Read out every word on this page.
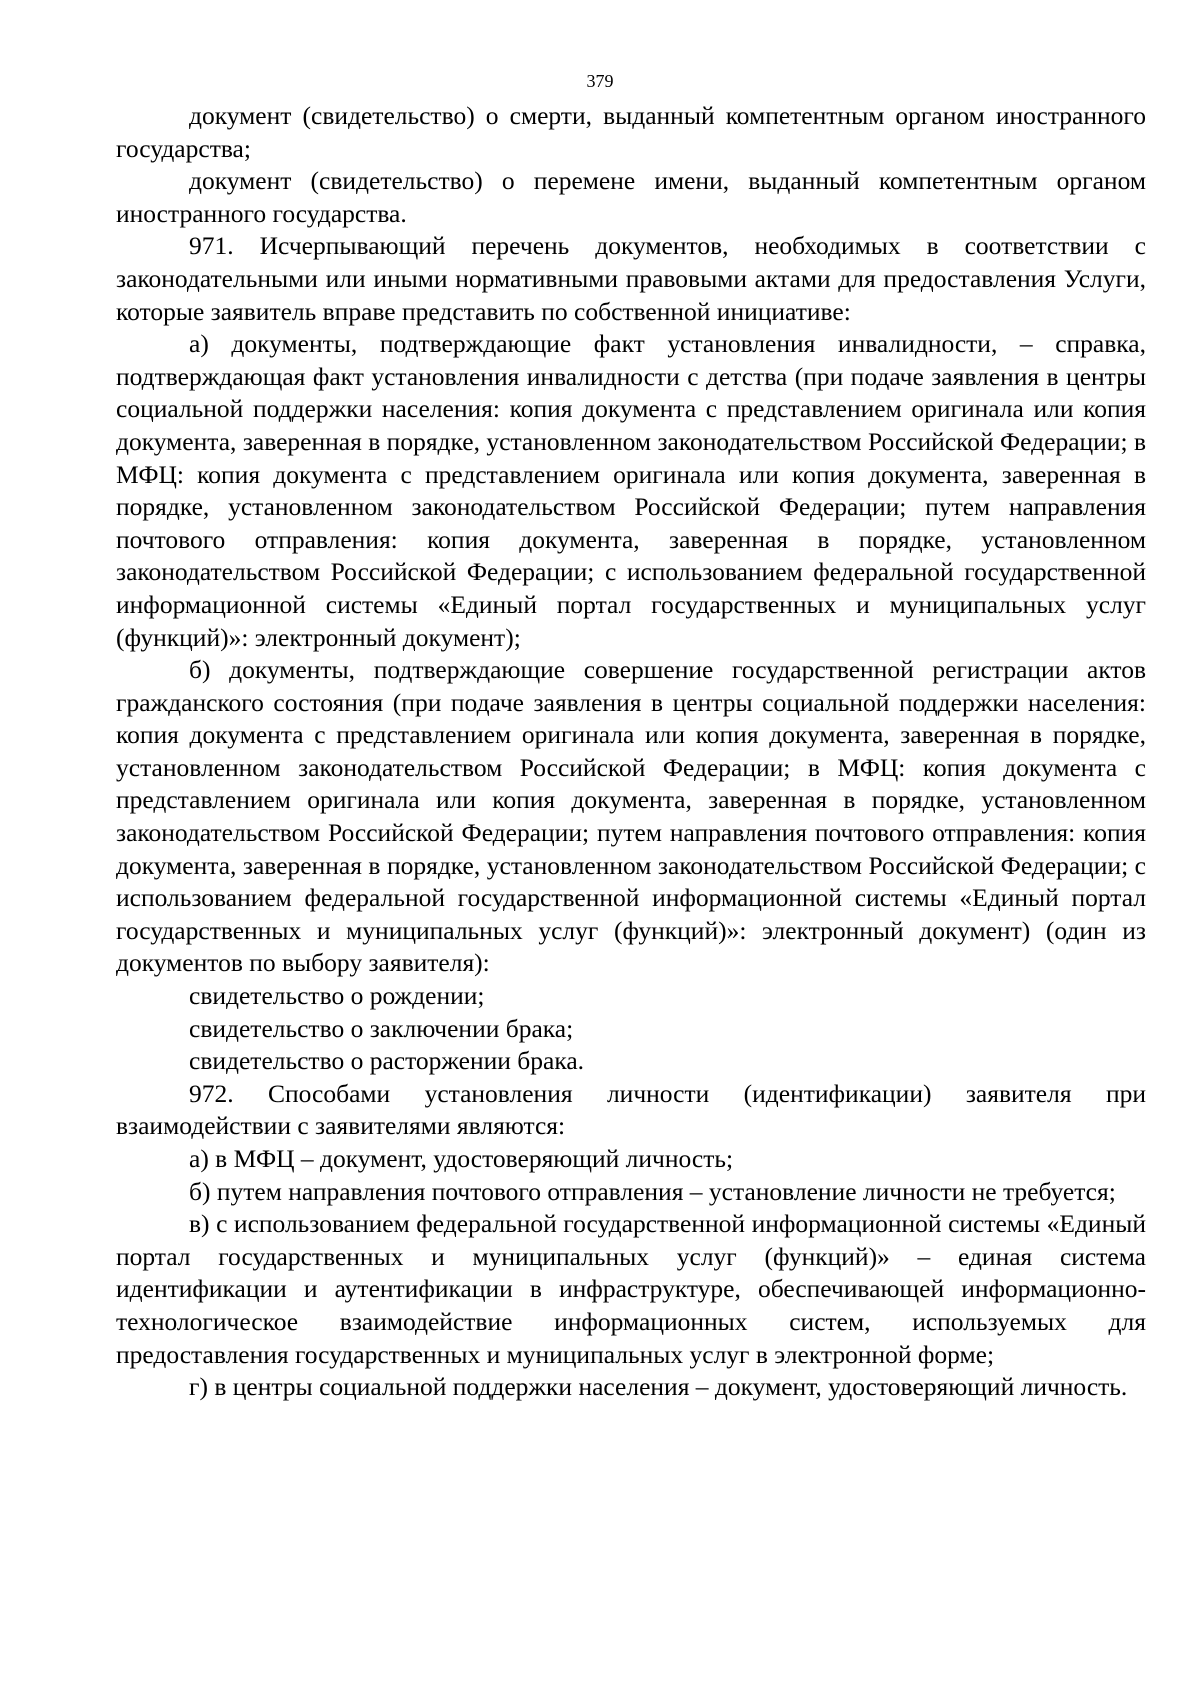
379

документ (свидетельство) о смерти, выданный компетентным органом иностранного государства;

документ (свидетельство) о перемене имени, выданный компетентным органом иностранного государства.

971. Исчерпывающий перечень документов, необходимых в соответствии с законодательными или иными нормативными правовыми актами для предоставления Услуги, которые заявитель вправе представить по собственной инициативе:

а) документы, подтверждающие факт установления инвалидности, – справка, подтверждающая факт установления инвалидности с детства (при подаче заявления в центры социальной поддержки населения: копия документа с представлением оригинала или копия документа, заверенная в порядке, установленном законодательством Российской Федерации; в МФЦ: копия документа с представлением оригинала или копия документа, заверенная в порядке, установленном законодательством Российской Федерации; путем направления почтового отправления: копия документа, заверенная в порядке, установленном законодательством Российской Федерации; с использованием федеральной государственной информационной системы «Единый портал государственных и муниципальных услуг (функций)»: электронный документ);

б) документы, подтверждающие совершение государственной регистрации актов гражданского состояния (при подаче заявления в центры социальной поддержки населения: копия документа с представлением оригинала или копия документа, заверенная в порядке, установленном законодательством Российской Федерации; в МФЦ: копия документа с представлением оригинала или копия документа, заверенная в порядке, установленном законодательством Российской Федерации; путем направления почтового отправления: копия документа, заверенная в порядке, установленном законодательством Российской Федерации; с использованием федеральной государственной информационной системы «Единый портал государственных и муниципальных услуг (функций)»: электронный документ) (один из документов по выбору заявителя):

свидетельство о рождении;

свидетельство о заключении брака;

свидетельство о расторжении брака.

972. Способами установления личности (идентификации) заявителя при взаимодействии с заявителями являются:

а) в МФЦ – документ, удостоверяющий личность;

б) путем направления почтового отправления – установление личности не требуется;

в) с использованием федеральной государственной информационной системы «Единый портал государственных и муниципальных услуг (функций)» – единая система идентификации и аутентификации в инфраструктуре, обеспечивающей информационно-технологическое взаимодействие информационных систем, используемых для предоставления государственных и муниципальных услуг в электронной форме;

г) в центры социальной поддержки населения – документ, удостоверяющий личность.
